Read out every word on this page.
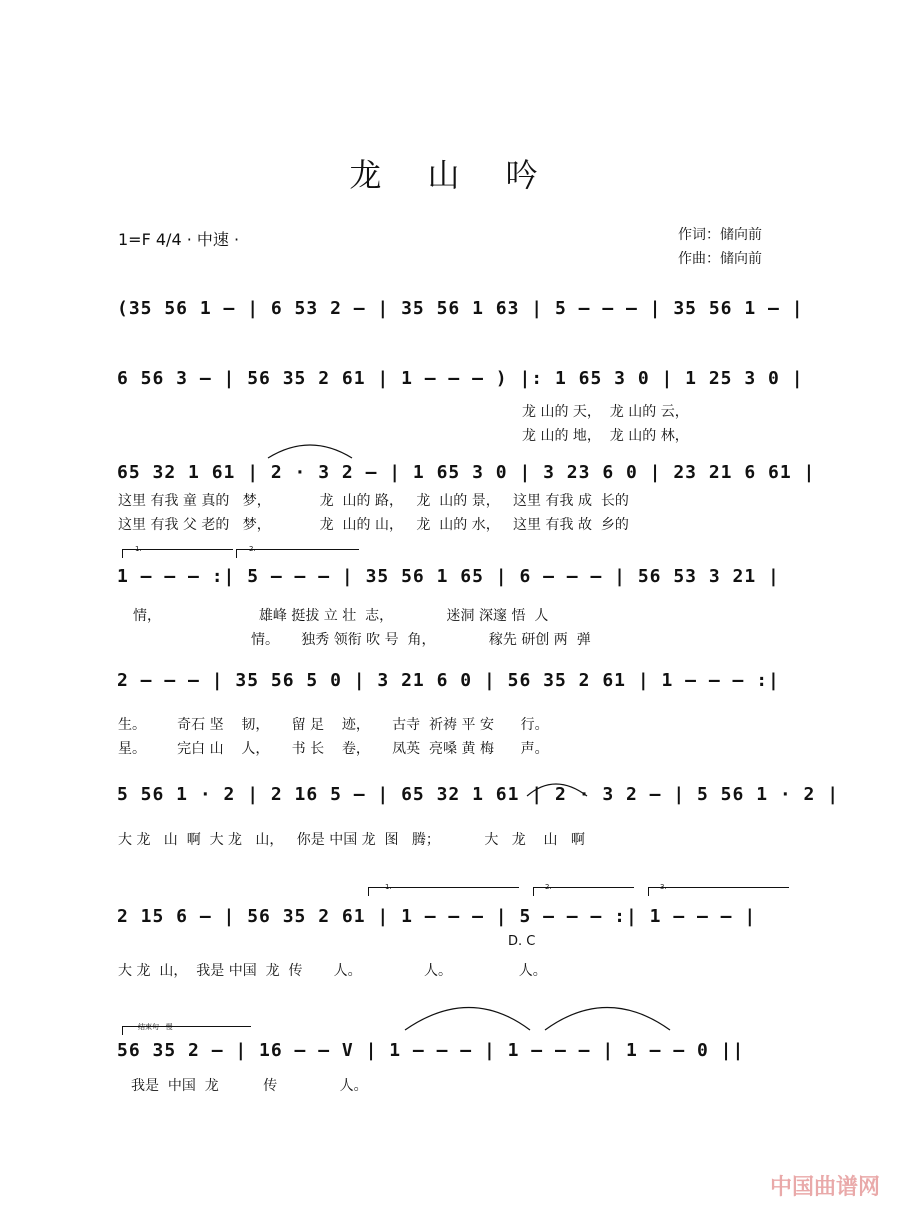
龙 山 吟
1=F 4/4 · 中速 ·	作词：储向前
作曲：储向前
(35 56 1 – | 6 53 2 – | 35 56 1 63 | 5 – – – | 35 56 1 – |
6 56 3 – | 56 35 2 61 | 1 – – – ) |: 1 65 3 0 | 1 25 3 0 |
龙 山的 天，  龙 山的 云，
龙 山的 地，  龙 山的 林，
65 32 1 61 | 2 · 3 2 – | 1 65 3 0 | 3 23 6 0 | 23 21 6 61 |
这里 有我 童 真的   梦，           龙  山的 路，   龙  山的 景，   这里 有我 成  长的
这里 有我 父 老的   梦，           龙  山的 山，   龙  山的 水，   这里 有我 故  乡的
1.	2.
1 – – – :| 5 – – – | 35 56 1 65 | 6 – – – | 56 53 3 21 |
情，                      雄峰 挺拔 立 壮  志，            迷洞 深邃 悟  人
情。     独秀 领衔 吹 号  角，            稼先 研创 两  弹
2 – – – | 35 56 5 0 | 3 21 6 0 | 56 35 2 61 | 1 – – – :|
生。       奇石 坚    韧，     留 足    迹，     古寺  祈祷 平 安      行。
星。       完白 山    人，     书 长    卷，     凤英  亮嗓 黄 梅      声。
5 56 1 · 2 | 2 16 5 – | 65 32 1 61 | 2 · 3 2 – | 5 56 1 · 2 |
大 龙   山  啊  大 龙   山，   你是 中国 龙  图   腾；          大   龙    山   啊
1.	2.	3.
2 15 6 – | 56 35 2 61 | 1 – – – | 5 – – – :| 1 – – – |
D. C
大 龙  山，  我是 中国  龙  传       人。              人。               人。
结束句 · 慢
56 35 2 – | 16 – – V | 1 – – – | 1 – – – | 1 – – 0 ||
我是  中国  龙          传              人。
中国曲谱网
